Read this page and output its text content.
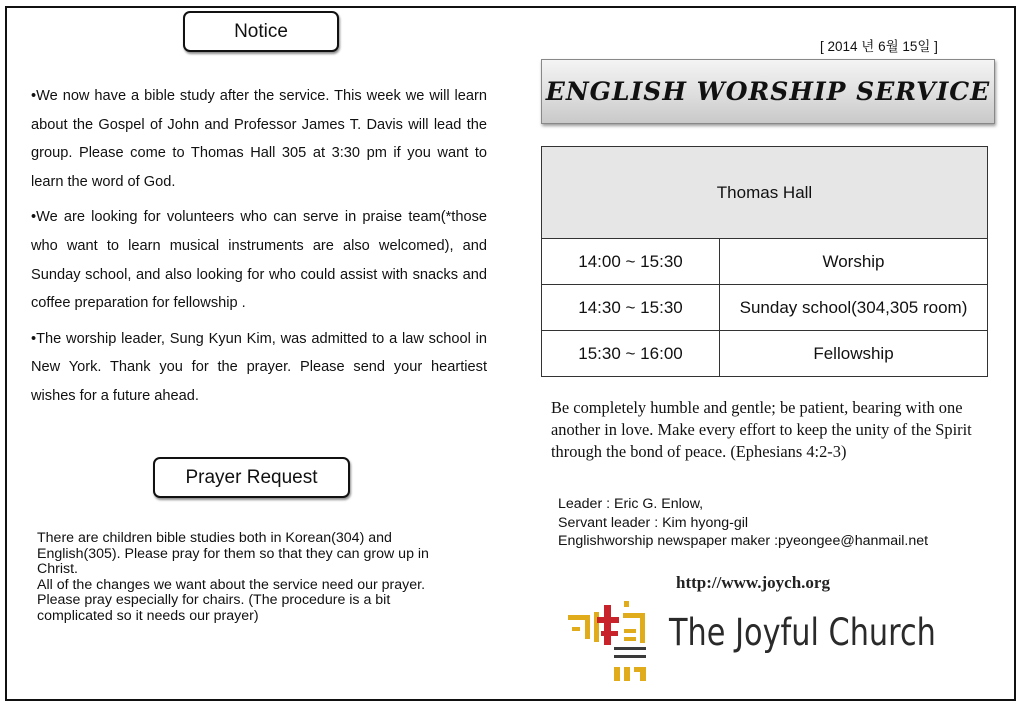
Notice

•We now have a bible study after the service. This week we will learn about the Gospel of John and Professor James T. Davis will lead the group. Please come to Thomas Hall 305 at 3:30 pm if you want to learn the word of God.

•We are looking for volunteers who can serve in praise team(*those who want to learn musical instruments are also welcomed), and Sunday school, and also looking for who could assist with snacks and coffee preparation for fellowship .

•The worship leader, Sung Kyun Kim, was admitted to a law school in New York. Thank you for the prayer. Please send your heartiest wishes for a future ahead.

Prayer Request
There are children bible studies both in Korean(304) and
English(305). Please pray for them so that they can grow up in
Christ.
All of the changes we want about the service need our prayer.
Please pray especially for chairs. (The procedure is a bit
complicated so it needs our prayer)
[ 2014 년 6월 15일 ]
ENGLISH WORSHIP SERVICE
Thomas Hall	
14:00 ~ 15:30	Worship
14:30 ~ 15:30	Sunday school(304,305 room)
15:30 ~ 16:00	Fellowship
Be completely humble and gentle; be patient, bearing with one another in love. Make every effort to keep the unity of the Spirit through the bond of peace. (Ephesians 4:2-3)
Leader : Eric G. Enlow,
Servant leader : Kim hyong-gil
Englishworship newspaper maker :pyeongee@hanmail.net
http://www.joych.org
The Joyful Church
